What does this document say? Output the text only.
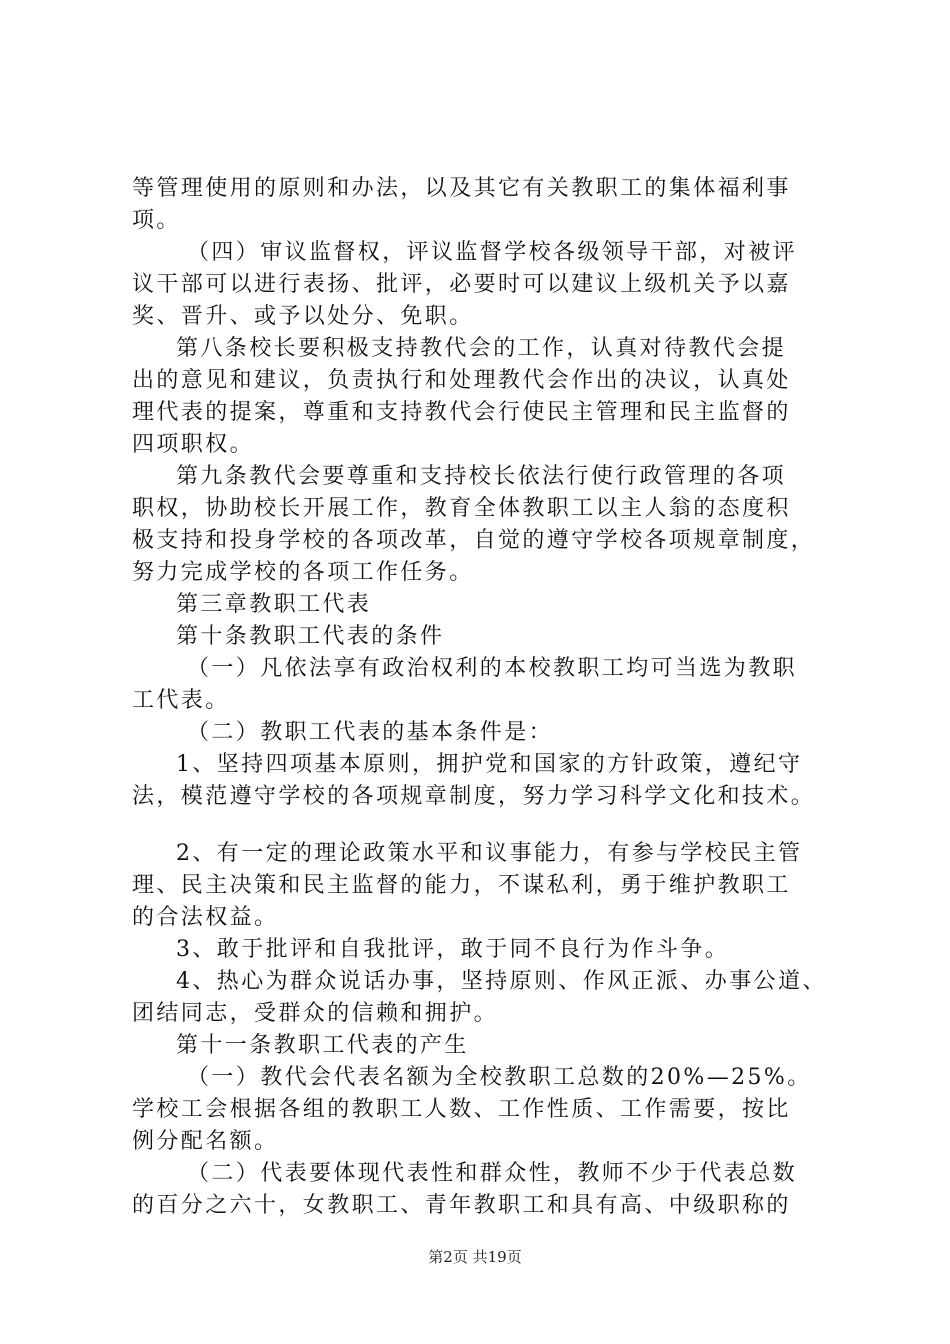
等管理使用的原则和办法，以及其它有关教职工的集体福利事
项。
（四）审议监督权，评议监督学校各级领导干部，对被评
议干部可以进行表扬、批评，必要时可以建议上级机关予以嘉
奖、晋升、或予以处分、免职。
第八条校长要积极支持教代会的工作，认真对待教代会提
出的意见和建议，负责执行和处理教代会作出的决议，认真处
理代表的提案，尊重和支持教代会行使民主管理和民主监督的
四项职权。
第九条教代会要尊重和支持校长依法行使行政管理的各项
职权，协助校长开展工作，教育全体教职工以主人翁的态度积
极支持和投身学校的各项改革，自觉的遵守学校各项规章制度，
努力完成学校的各项工作任务。
第三章教职工代表
第十条教职工代表的条件
（一）凡依法享有政治权利的本校教职工均可当选为教职
工代表。
（二）教职工代表的基本条件是：
1、坚持四项基本原则，拥护党和国家的方针政策，遵纪守
法，模范遵守学校的各项规章制度，努力学习科学文化和技术。
2、有一定的理论政策水平和议事能力，有参与学校民主管
理、民主决策和民主监督的能力，不谋私利，勇于维护教职工
的合法权益。
3、敢于批评和自我批评，敢于同不良行为作斗争。
4、热心为群众说话办事，坚持原则、作风正派、办事公道、
团结同志，受群众的信赖和拥护。
第十一条教职工代表的产生
（一）教代会代表名额为全校教职工总数的20%—25%。
学校工会根据各组的教职工人数、工作性质、工作需要，按比
例分配名额。
（二）代表要体现代表性和群众性，教师不少于代表总数
的百分之六十，女教职工、青年教职工和具有高、中级职称的
第2页 共19页
